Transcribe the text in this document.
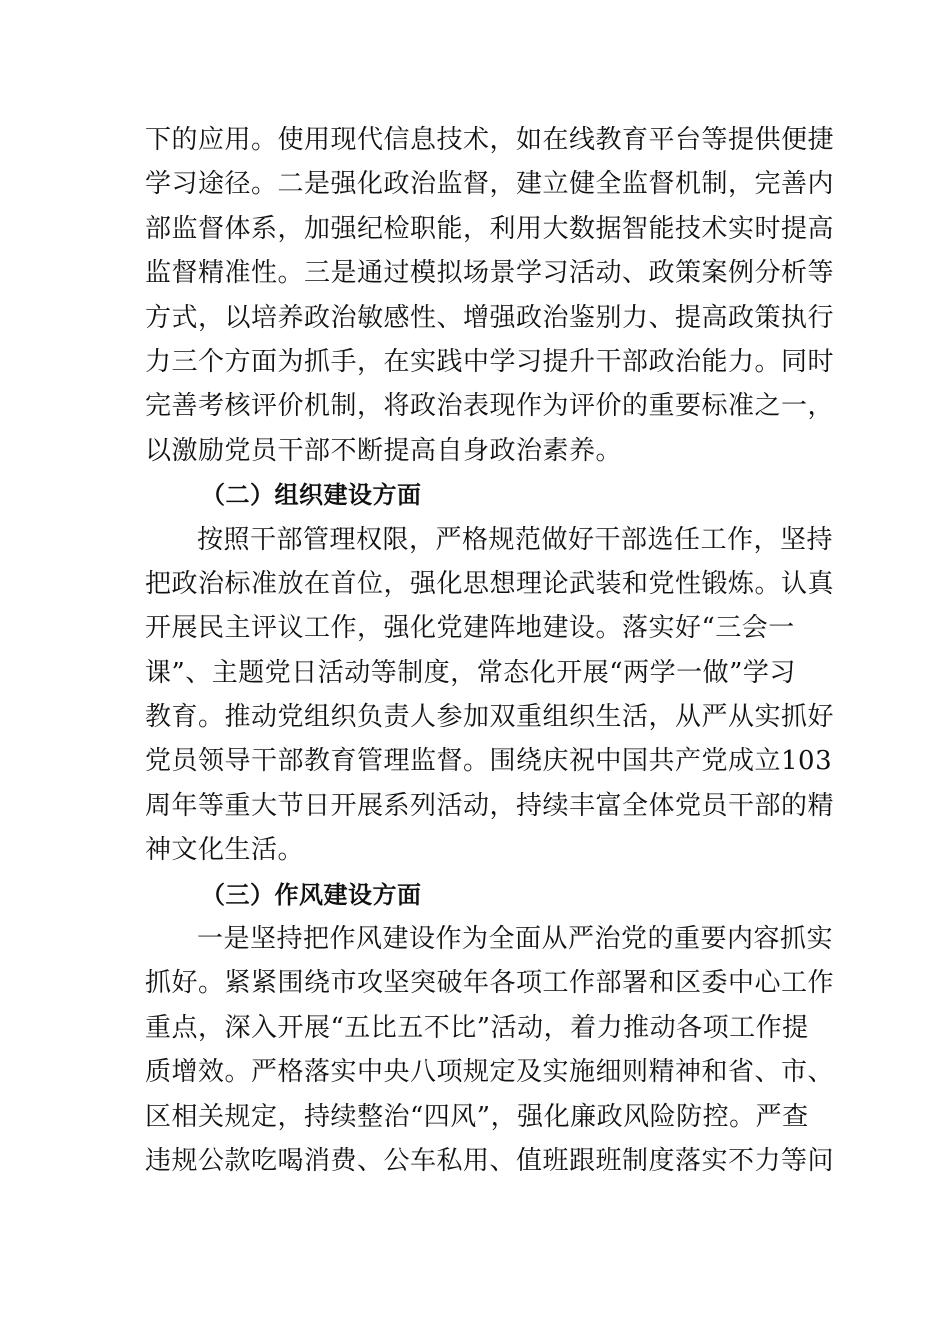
下的应用。使用现代信息技术，如在线教育平台等提供便捷
学习途径。二是强化政治监督，建立健全监督机制，完善内
部监督体系，加强纪检职能，利用大数据智能技术实时提高
监督精准性。三是通过模拟场景学习活动、政策案例分析等
方式，以培养政治敏感性、增强政治鉴别力、提高政策执行
力三个方面为抓手，在实践中学习提升干部政治能力。同时
完善考核评价机制，将政治表现作为评价的重要标准之一，
以激励党员干部不断提高自身政治素养。
（二）组织建设方面
按照干部管理权限，严格规范做好干部选任工作，坚持
把政治标准放在首位，强化思想理论武装和党性锻炼。认真
开展民主评议工作，强化党建阵地建设。落实好“三会一
课”、主题党日活动等制度，常态化开展“两学一做”学习
教育。推动党组织负责人参加双重组织生活，从严从实抓好
党员领导干部教育管理监督。围绕庆祝中国共产党成立103
周年等重大节日开展系列活动，持续丰富全体党员干部的精
神文化生活。
（三）作风建设方面
一是坚持把作风建设作为全面从严治党的重要内容抓实
抓好。紧紧围绕市攻坚突破年各项工作部署和区委中心工作
重点，深入开展“五比五不比”活动，着力推动各项工作提
质增效。严格落实中央八项规定及实施细则精神和省、市、
区相关规定，持续整治“四风”，强化廉政风险防控。严查
违规公款吃喝消费、公车私用、值班跟班制度落实不力等问
